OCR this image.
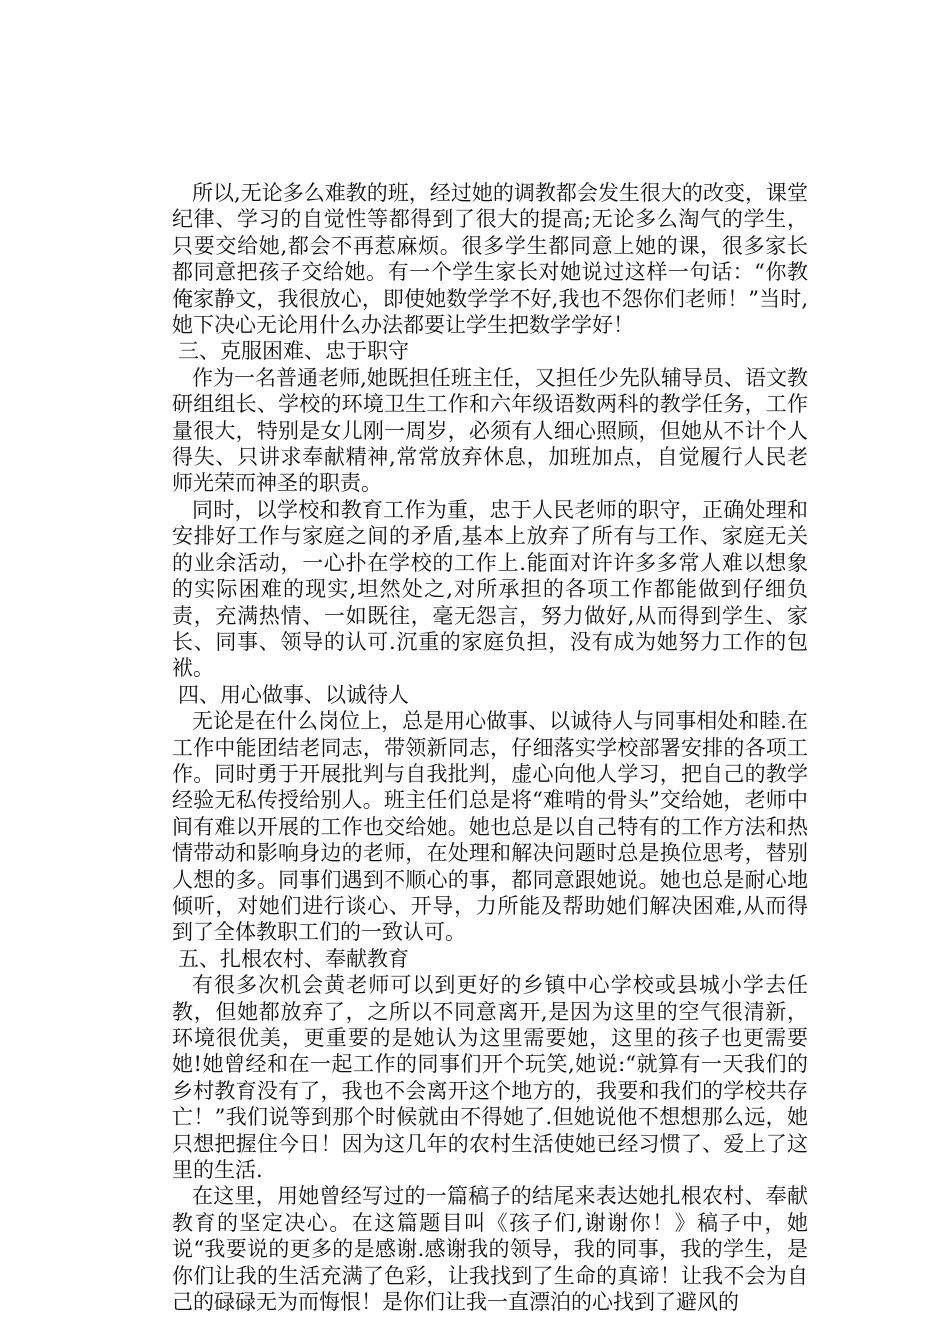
所以,无论多么难教的班，经过她的调教都会发生很大的改变，课堂纪律、学习的自觉性等都得到了很大的提高;无论多么淘气的学生，只要交给她,都会不再惹麻烦。很多学生都同意上她的课，很多家长都同意把孩子交给她。有一个学生家长对她说过这样一句话：“你教俺家静文，我很放心，即使她数学学不好,我也不怨你们老师！”当时,她下决心无论用什么办法都要让学生把数学学好！

三、克服困难、忠于职守

作为一名普通老师,她既担任班主任，又担任少先队辅导员、语文教研组组长、学校的环境卫生工作和六年级语数两科的教学任务，工作量很大，特别是女儿刚一周岁，必须有人细心照顾，但她从不计个人得失、只讲求奉献精神,常常放弃休息，加班加点，自觉履行人民老师光荣而神圣的职责。

同时，以学校和教育工作为重，忠于人民老师的职守，正确处理和安排好工作与家庭之间的矛盾,基本上放弃了所有与工作、家庭无关的业余活动，一心扑在学校的工作上.能面对许许多多常人难以想象的实际困难的现实,坦然处之,对所承担的各项工作都能做到仔细负责，充满热情、一如既往，毫无怨言，努力做好,从而得到学生、家长、同事、领导的认可.沉重的家庭负担，没有成为她努力工作的包袱。

四、用心做事、以诚待人

无论是在什么岗位上，总是用心做事、以诚待人与同事相处和睦.在工作中能团结老同志，带领新同志，仔细落实学校部署安排的各项工作。同时勇于开展批判与自我批判，虚心向他人学习，把自己的教学经验无私传授给别人。班主任们总是将“难啃的骨头”交给她，老师中间有难以开展的工作也交给她。她也总是以自己特有的工作方法和热情带动和影响身边的老师，在处理和解决问题时总是换位思考，替别人想的多。同事们遇到不顺心的事，都同意跟她说。她也总是耐心地倾听，对她们进行谈心、开导，力所能及帮助她们解决困难,从而得到了全体教职工们的一致认可。

五、扎根农村、奉献教育

有很多次机会黄老师可以到更好的乡镇中心学校或县城小学去任教，但她都放弃了，之所以不同意离开,是因为这里的空气很清新，环境很优美，更重要的是她认为这里需要她，这里的孩子也更需要她!她曾经和在一起工作的同事们开个玩笑,她说:“就算有一天我们的乡村教育没有了，我也不会离开这个地方的，我要和我们的学校共存亡！”我们说等到那个时候就由不得她了.但她说他不想想那么远，她只想把握住今日！因为这几年的农村生活使她已经习惯了、爱上了这里的生活.

在这里，用她曾经写过的一篇稿子的结尾来表达她扎根农村、奉献教育的坚定决心。在这篇题目叫《孩子们,谢谢你！》稿子中，她说“我要说的更多的是感谢.感谢我的领导，我的同事，我的学生，是你们让我的生活充满了色彩，让我找到了生命的真谛！让我不会为自己的碌碌无为而悔恨！是你们让我一直漂泊的心找到了避风的
